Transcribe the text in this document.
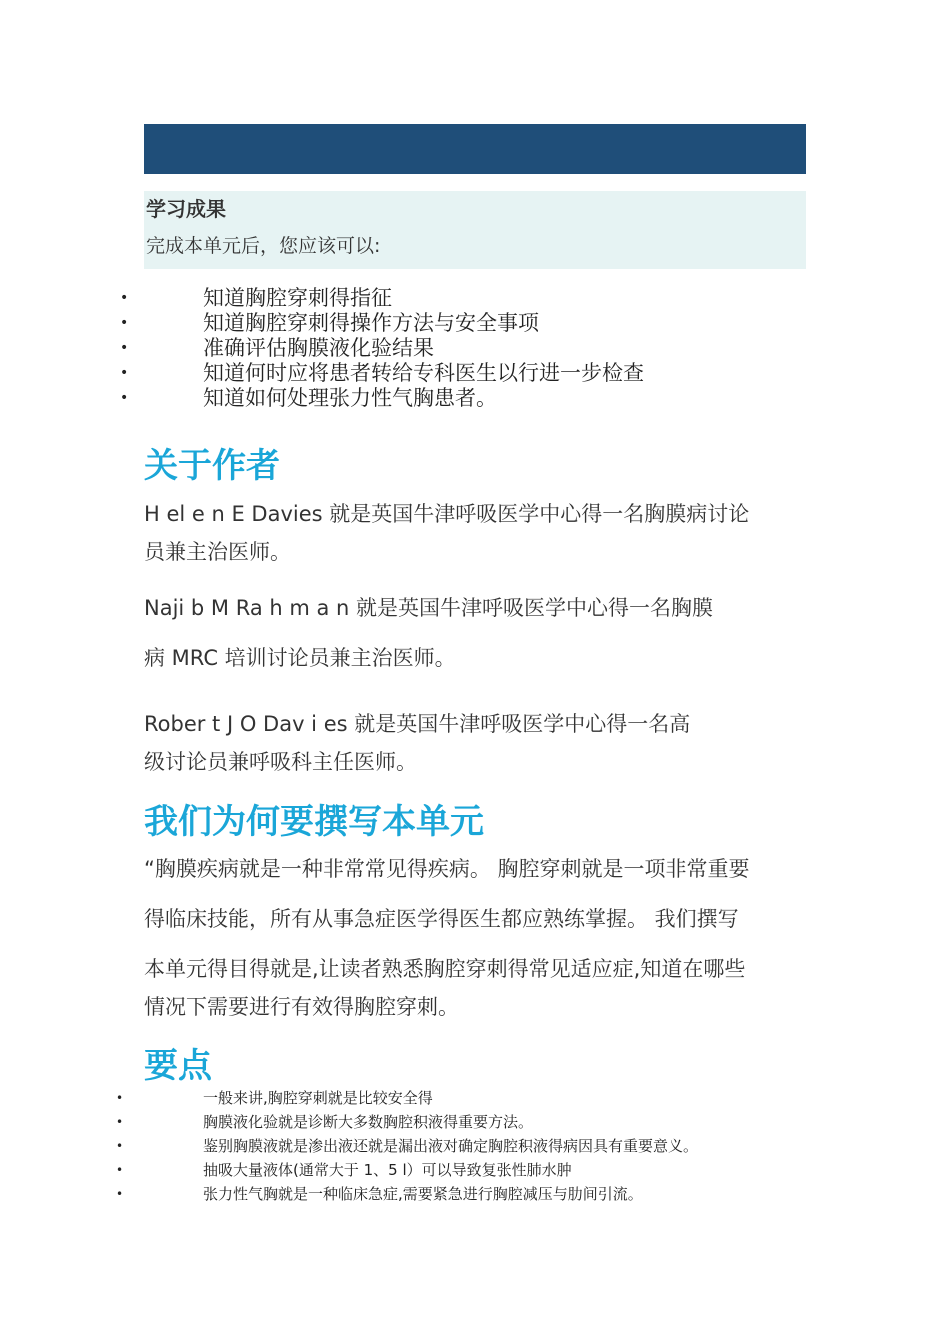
学习成果
完成本单元后，您应该可以:
•	知道胸腔穿刺得指征
•	知道胸腔穿刺得操作方法与安全事项
•	准确评估胸膜液化验结果
•	知道何时应将患者转给专科医生以行进一步检查
•	知道如何处理张力性气胸患者。
关于作者
H el e n E Davies 就是英国牛津呼吸医学中心得一名胸膜病讨论
员兼主治医师。
Naji b M Ra h m a n 就是英国牛津呼吸医学中心得一名胸膜
病 MRC 培训讨论员兼主治医师。
Rober t J O Dav i es 就是英国牛津呼吸医学中心得一名高
级讨论员兼呼吸科主任医师。
我们为何要撰写本单元
“胸膜疾病就是一种非常常见得疾病。 胸腔穿刺就是一项非常重要
得临床技能，所有从事急症医学得医生都应熟练掌握。 我们撰写
本单元得目得就是,让读者熟悉胸腔穿刺得常见适应症,知道在哪些
情况下需要进行有效得胸腔穿刺。
要点
•	一般来讲,胸腔穿刺就是比较安全得
•	胸膜液化验就是诊断大多数胸腔积液得重要方法。
•	鉴别胸膜液就是渗出液还就是漏出液对确定胸腔积液得病因具有重要意义。
•	抽吸大量液体(通常大于 1、5 l）可以导致复张性肺水肿
•	张力性气胸就是一种临床急症,需要紧急进行胸腔减压与肋间引流。
